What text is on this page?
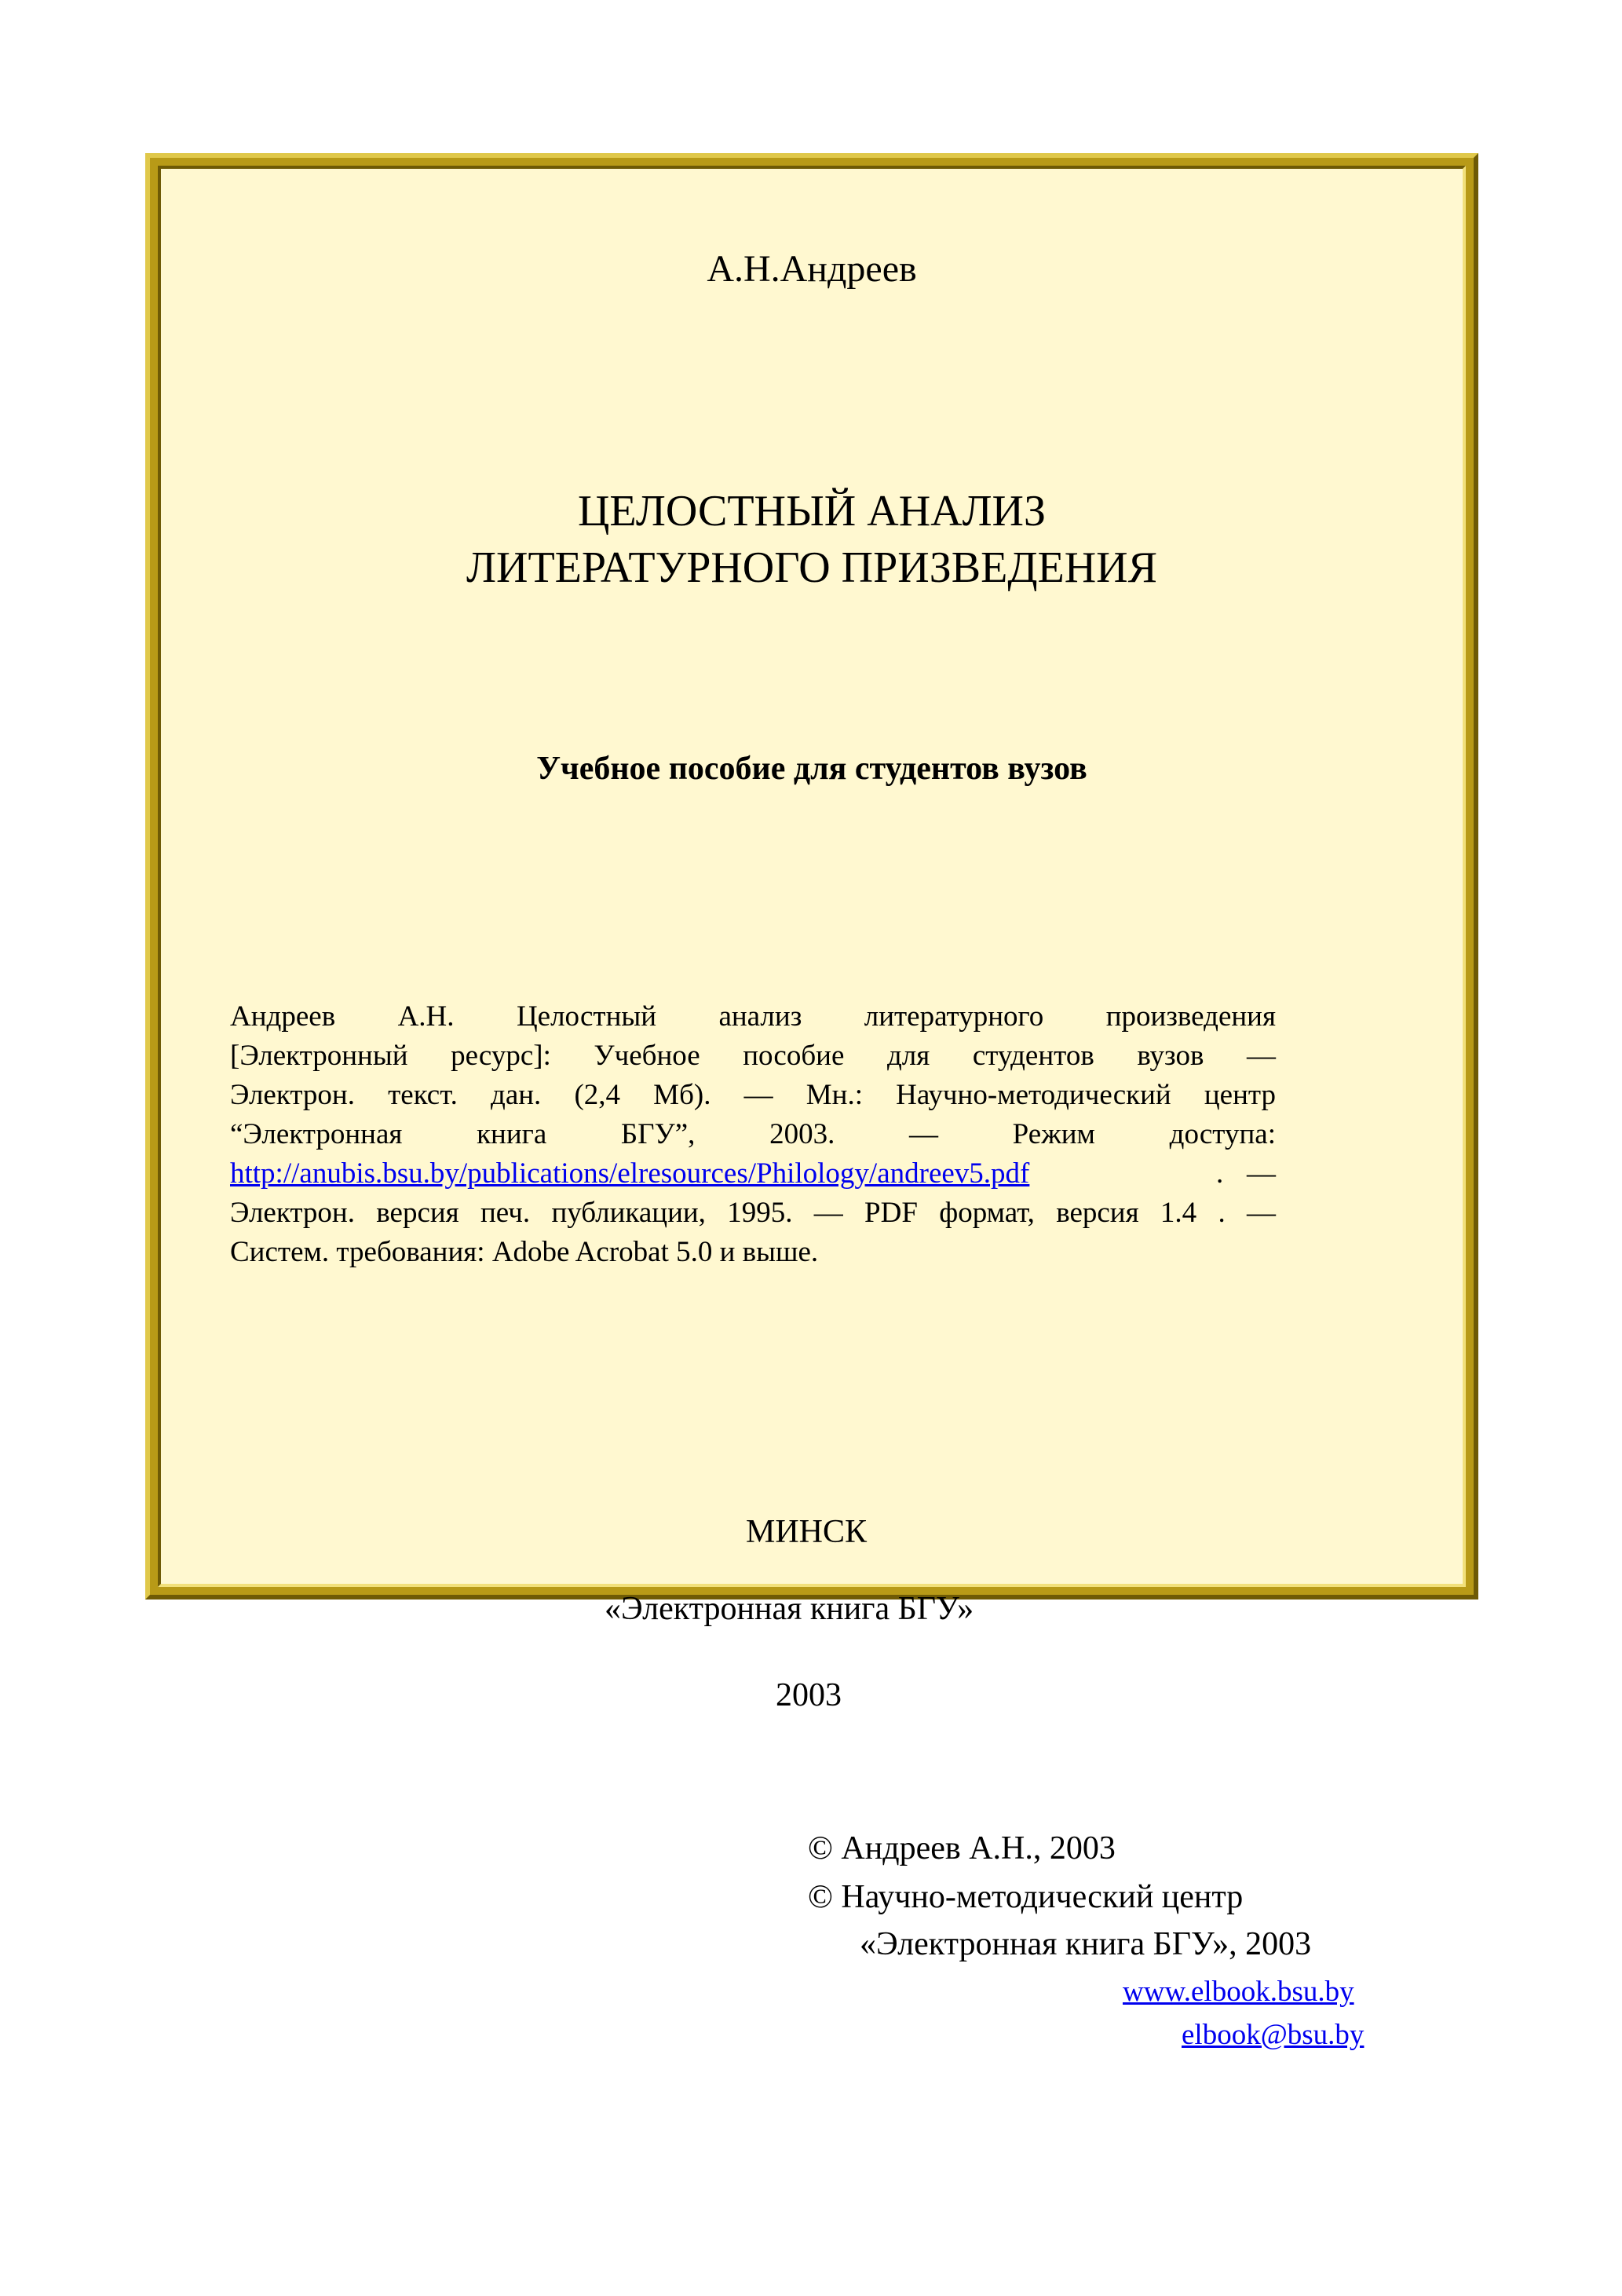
А.Н.Андреев
ЦЕЛОСТНЫЙ АНАЛИЗ
ЛИТЕРАТУРНОГО ПРИЗВЕДЕНИЯ
Учебное пособие для студентов вузов
Андреев А.Н. Целостный анализ литературного произведения
[Электронный ресурс]: Учебное пособие для студентов вузов —
Электрон. текст. дан. (2,4 Мб). — Мн.: Научно-методический центр
“Электронная книга БГУ”, 2003. — Режим доступа:
http://anubis.bsu.by/publications/elresources/Philology/andreev5.pdf	. —
Электрон. версия печ. публикации, 1995. — PDF формат, версия 1.4 . —
Систем. требования: Adobe Acrobat 5.0 и выше.
МИНСК
«Электронная книга БГУ»
2003
© Андреев А.Н., 2003
© Научно-методический центр
«Электронная книга БГУ», 2003
www.elbook.bsu.by
elbook@bsu.by
